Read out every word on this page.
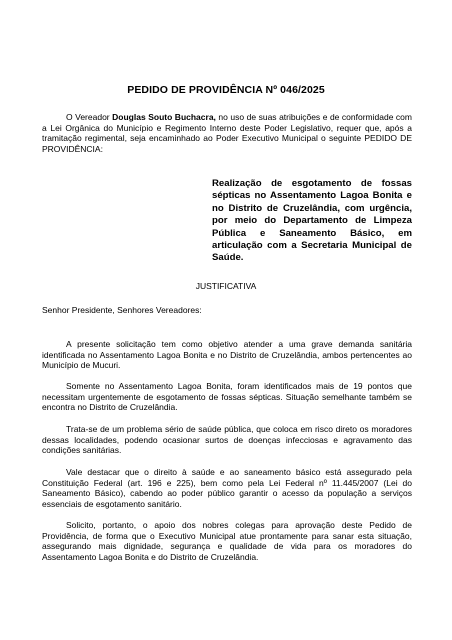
PEDIDO DE PROVIDÊNCIA Nº 046/2025
O Vereador Douglas Souto Buchacra, no uso de suas atribuições e de conformidade com a Lei Orgânica do Município e Regimento Interno deste Poder Legislativo, requer que, após a tramitação regimental, seja encaminhado ao Poder Executivo Municipal o seguinte PEDIDO DE PROVIDÊNCIA:
Realização de esgotamento de fossas sépticas no Assentamento Lagoa Bonita e no Distrito de Cruzelândia, com urgência, por meio do Departamento de Limpeza Pública e Saneamento Básico, em articulação com a Secretaria Municipal de Saúde.
JUSTIFICATIVA
Senhor Presidente, Senhores Vereadores:
A presente solicitação tem como objetivo atender a uma grave demanda sanitária identificada no Assentamento Lagoa Bonita e no Distrito de Cruzelândia, ambos pertencentes ao Município de Mucuri.
Somente no Assentamento Lagoa Bonita, foram identificados mais de 19 pontos que necessitam urgentemente de esgotamento de fossas sépticas. Situação semelhante também se encontra no Distrito de Cruzelândia.
Trata-se de um problema sério de saúde pública, que coloca em risco direto os moradores dessas localidades, podendo ocasionar surtos de doenças infecciosas e agravamento das condições sanitárias.
Vale destacar que o direito à saúde e ao saneamento básico está assegurado pela Constituição Federal (art. 196 e 225), bem como pela Lei Federal nº 11.445/2007 (Lei do Saneamento Básico), cabendo ao poder público garantir o acesso da população a serviços essenciais de esgotamento sanitário.
Solicito, portanto, o apoio dos nobres colegas para aprovação deste Pedido de Providência, de forma que o Executivo Municipal atue prontamente para sanar esta situação, assegurando mais dignidade, segurança e qualidade de vida para os moradores do Assentamento Lagoa Bonita e do Distrito de Cruzelândia.
